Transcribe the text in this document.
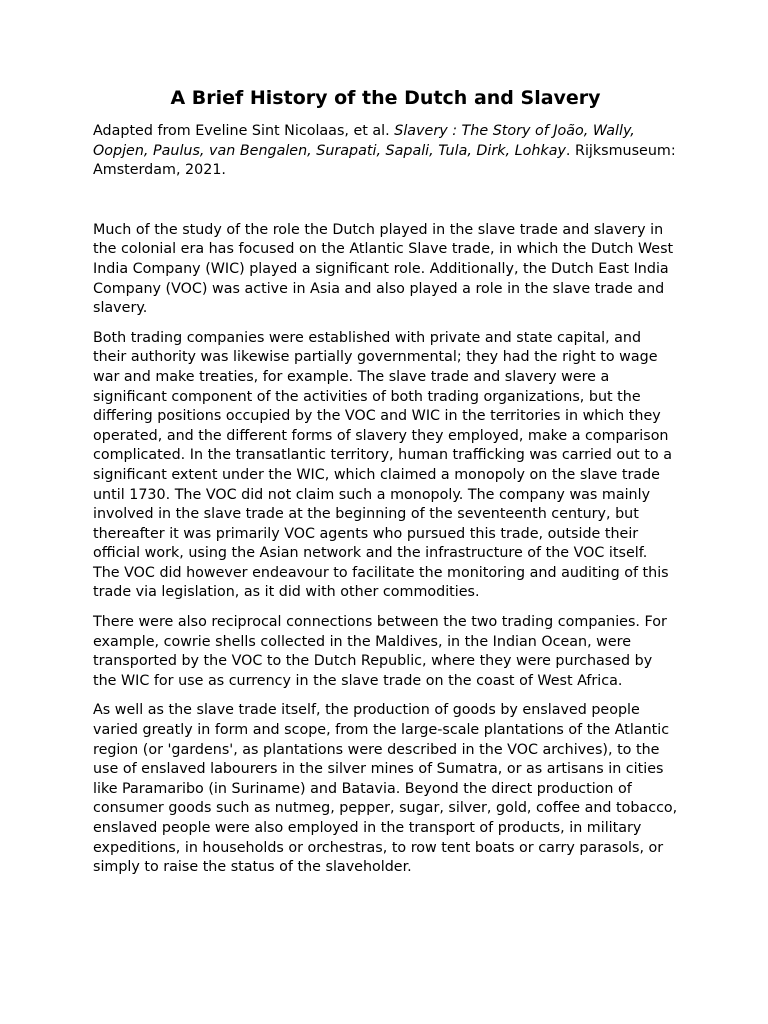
A Brief History of the Dutch and Slavery

Adapted from Eveline Sint Nicolaas, et al. Slavery : The Story of João, Wally, Oopjen, Paulus, van Bengalen, Surapati, Sapali, Tula, Dirk, Lohkay. Rijksmuseum: Amsterdam, 2021.

Much of the study of the role the Dutch played in the slave trade and slavery in the colonial era has focused on the Atlantic Slave trade, in which the Dutch West India Company (WIC) played a significant role. Additionally, the Dutch East India Company (VOC) was active in Asia and also played a role in the slave trade and slavery.

Both trading companies were established with private and state capital, and their authority was likewise partially governmental; they had the right to wage war and make treaties, for example. The slave trade and slavery were a significant component of the activities of both trading organizations, but the differing positions occupied by the VOC and WIC in the territories in which they operated, and the different forms of slavery they employed, make a comparison complicated. In the transatlantic territory, human trafficking was carried out to a significant extent under the WIC, which claimed a monopoly on the slave trade until 1730. The VOC did not claim such a monopoly. The company was mainly involved in the slave trade at the beginning of the seventeenth century, but thereafter it was primarily VOC agents who pursued this trade, outside their official work, using the Asian network and the infrastructure of the VOC itself. The VOC did however endeavour to facilitate the monitoring and auditing of this trade via legislation, as it did with other commodities.

There were also reciprocal connections between the two trading companies. For example, cowrie shells collected in the Maldives, in the Indian Ocean, were transported by the VOC to the Dutch Republic, where they were purchased by the WIC for use as currency in the slave trade on the coast of West Africa.

As well as the slave trade itself, the production of goods by enslaved people varied greatly in form and scope, from the large-scale plantations of the Atlantic region (or 'gardens', as plantations were described in the VOC archives), to the use of enslaved labourers in the silver mines of Sumatra, or as artisans in cities like Paramaribo (in Suriname) and Batavia. Beyond the direct production of consumer goods such as nutmeg, pepper, sugar, silver, gold, coffee and tobacco, enslaved people were also employed in the transport of products, in military expeditions, in households or orchestras, to row tent boats or carry parasols, or simply to raise the status of the slaveholder.
